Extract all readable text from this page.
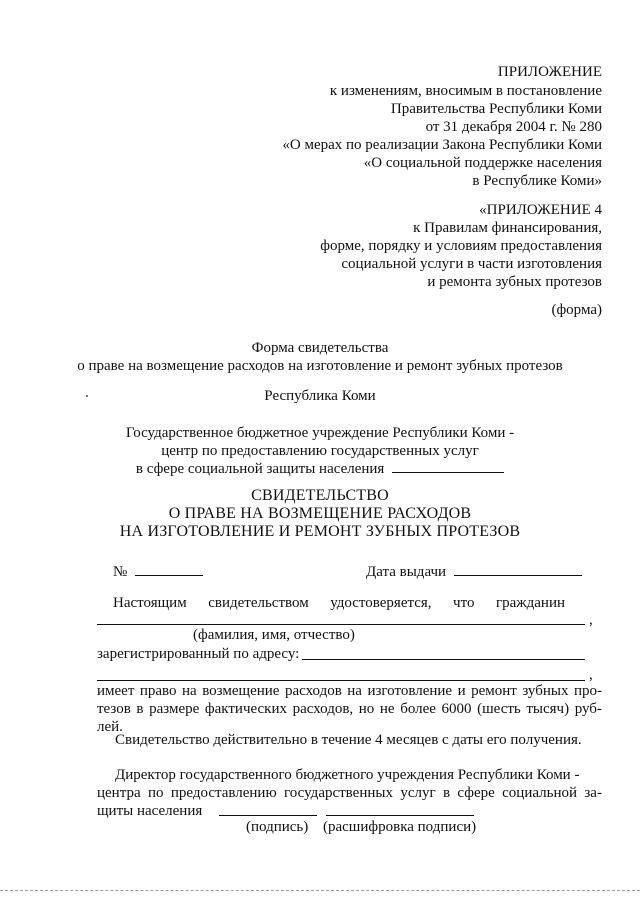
ПРИЛОЖЕНИЕ
к изменениям, вносимым в постановление
Правительства Республики Коми
от 31 декабря 2004 г. № 280
«О мерах по реализации Закона Республики Коми
«О социальной поддержке населения
в Республике Коми»
«ПРИЛОЖЕНИЕ 4
к Правилам финансирования,
форме, порядку и условиям предоставления
социальной услуги в части изготовления
и ремонта зубных протезов
(форма)
Форма свидетельства
о праве на возмещение расходов на изготовление и ремонт зубных протезов
Республика Коми
Государственное бюджетное учреждение Республики Коми -
центр по предоставлению государственных услуг
в сфере социальной защиты населения
СВИДЕТЕЛЬСТВО
О ПРАВЕ НА ВОЗМЕЩЕНИЕ РАСХОДОВ
НА ИЗГОТОВЛЕНИЕ И РЕМОНТ ЗУБНЫХ ПРОТЕЗОВ
№	Дата выдачи
Настоящим свидетельством удостоверяется, что гражданин
,
(фамилия, имя, отчество)
зарегистрированный по адресу:
,
имеет право на возмещение расходов на изготовление и ремонт зубных про-
тезов в размере фактических расходов, но не более 6000 (шесть тысяч) руб-
лей.
Свидетельство действительно в течение 4 месяцев с даты его получения.
Директор государственного бюджетного учреждения Республики Коми -
центра по предоставлению государственных услуг в сфере социальной за-
щиты населения
(подпись) (расшифровка подписи)
